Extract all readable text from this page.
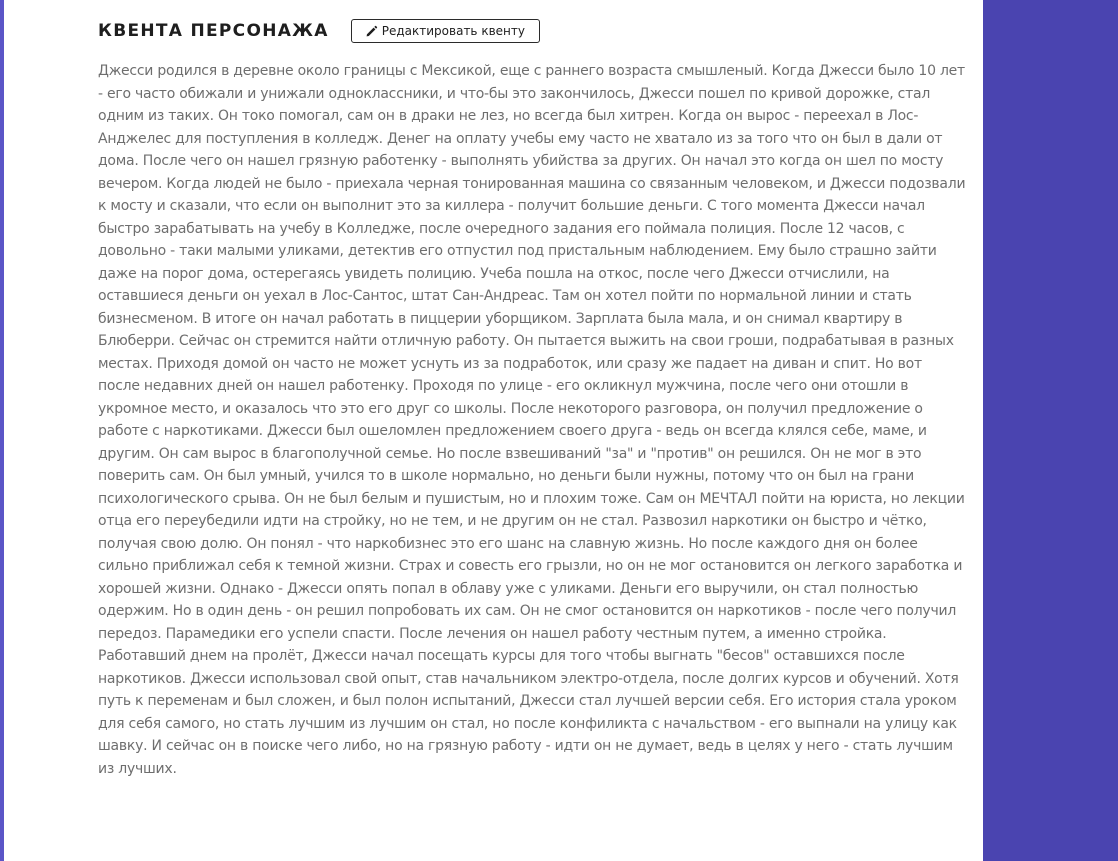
КВЕНТА ПЕРСОНАЖА	Редактировать квенту

Джесси родился в деревне около границы с Мексикой, еще с раннего возраста смышленый. Когда Джесси было 10 лет - его часто обижали и унижали одноклассники, и что-бы это закончилось, Джесси пошел по кривой дорожке, стал одним из таких. Он токо помогал, сам он в драки не лез, но всегда был хитрен. Когда он вырос - переехал в Лос-Анджелес для поступления в колледж. Денег на оплату учебы ему часто не хватало из за того что он был в дали от дома. После чего он нашел грязную работенку - выполнять убийства за других. Он начал это когда он шел по мосту вечером. Когда людей не было - приехала черная тонированная машина со связанным человеком, и Джесси подозвали к мосту и сказали, что если он выполнит это за киллера - получит большие деньги. С того момента Джесси начал быстро зарабатывать на учебу в Колледже, после очередного задания его поймала полиция. После 12 часов, с довольно - таки малыми уликами, детектив его отпустил под пристальным наблюдением. Ему было страшно зайти даже на порог дома, остерегаясь увидеть полицию. Учеба пошла на откос, после чего Джесси отчислили, на оставшиеся деньги он уехал в Лос-Сантос, штат Сан-Андреас. Там он хотел пойти по нормальной линии и стать бизнесменом. В итоге он начал работать в пиццерии уборщиком. Зарплата была мала, и он снимал квартиру в Блюберри. Сейчас он стремится найти отличную работу. Он пытается выжить на свои гроши, подрабатывая в разных местах. Приходя домой он часто не может уснуть из за подработок, или сразу же падает на диван и спит. Но вот после недавних дней он нашел работенку. Проходя по улице - его окликнул мужчина, после чего они отошли в укромное место, и оказалось что это его друг со школы. После некоторого разговора, он получил предложение о работе с наркотиками. Джесси был ошеломлен предложением своего друга - ведь он всегда клялся себе, маме, и другим. Он сам вырос в благополучной семье. Но после взвешиваний "за" и "против" он решился. Он не мог в это поверить сам. Он был умный, учился то в школе нормально, но деньги были нужны, потому что он был на грани психологического срыва. Он не был белым и пушистым, но и плохим тоже. Сам он МЕЧТАЛ пойти на юриста, но лекции отца его переубедили идти на стройку, но не тем, и не другим он не стал. Развозил наркотики он быстро и чётко, получая свою долю. Он понял - что наркобизнес это его шанс на славную жизнь. Но после каждого дня он более сильно приближал себя к темной жизни. Страх и совесть его грызли, но он не мог остановится он легкого заработка и хорошей жизни. Однако - Джесси опять попал в облаву уже с уликами. Деньги его выручили, он стал полностью одержим. Но в один день - он решил попробовать их сам. Он не смог остановится он наркотиков - после чего получил передоз. Парамедики его успели спасти. После лечения он нашел работу честным путем, а именно стройка. Работавший днем на пролёт, Джесси начал посещать курсы для того чтобы выгнать "бесов" оставшихся после наркотиков. Джесси использовал свой опыт, став начальником электро-отдела, после долгих курсов и обучений. Хотя путь к переменам и был сложен, и был полон испытаний, Джесси стал лучшей версии себя. Его история стала уроком для себя самого, но стать лучшим из лучшим он стал, но после конфиликта с начальством - его выпнали на улицу как шавку. И сейчас он в поиске чего либо, но на грязную работу - идти он не думает, ведь в целях у него - стать лучшим из лучших.
